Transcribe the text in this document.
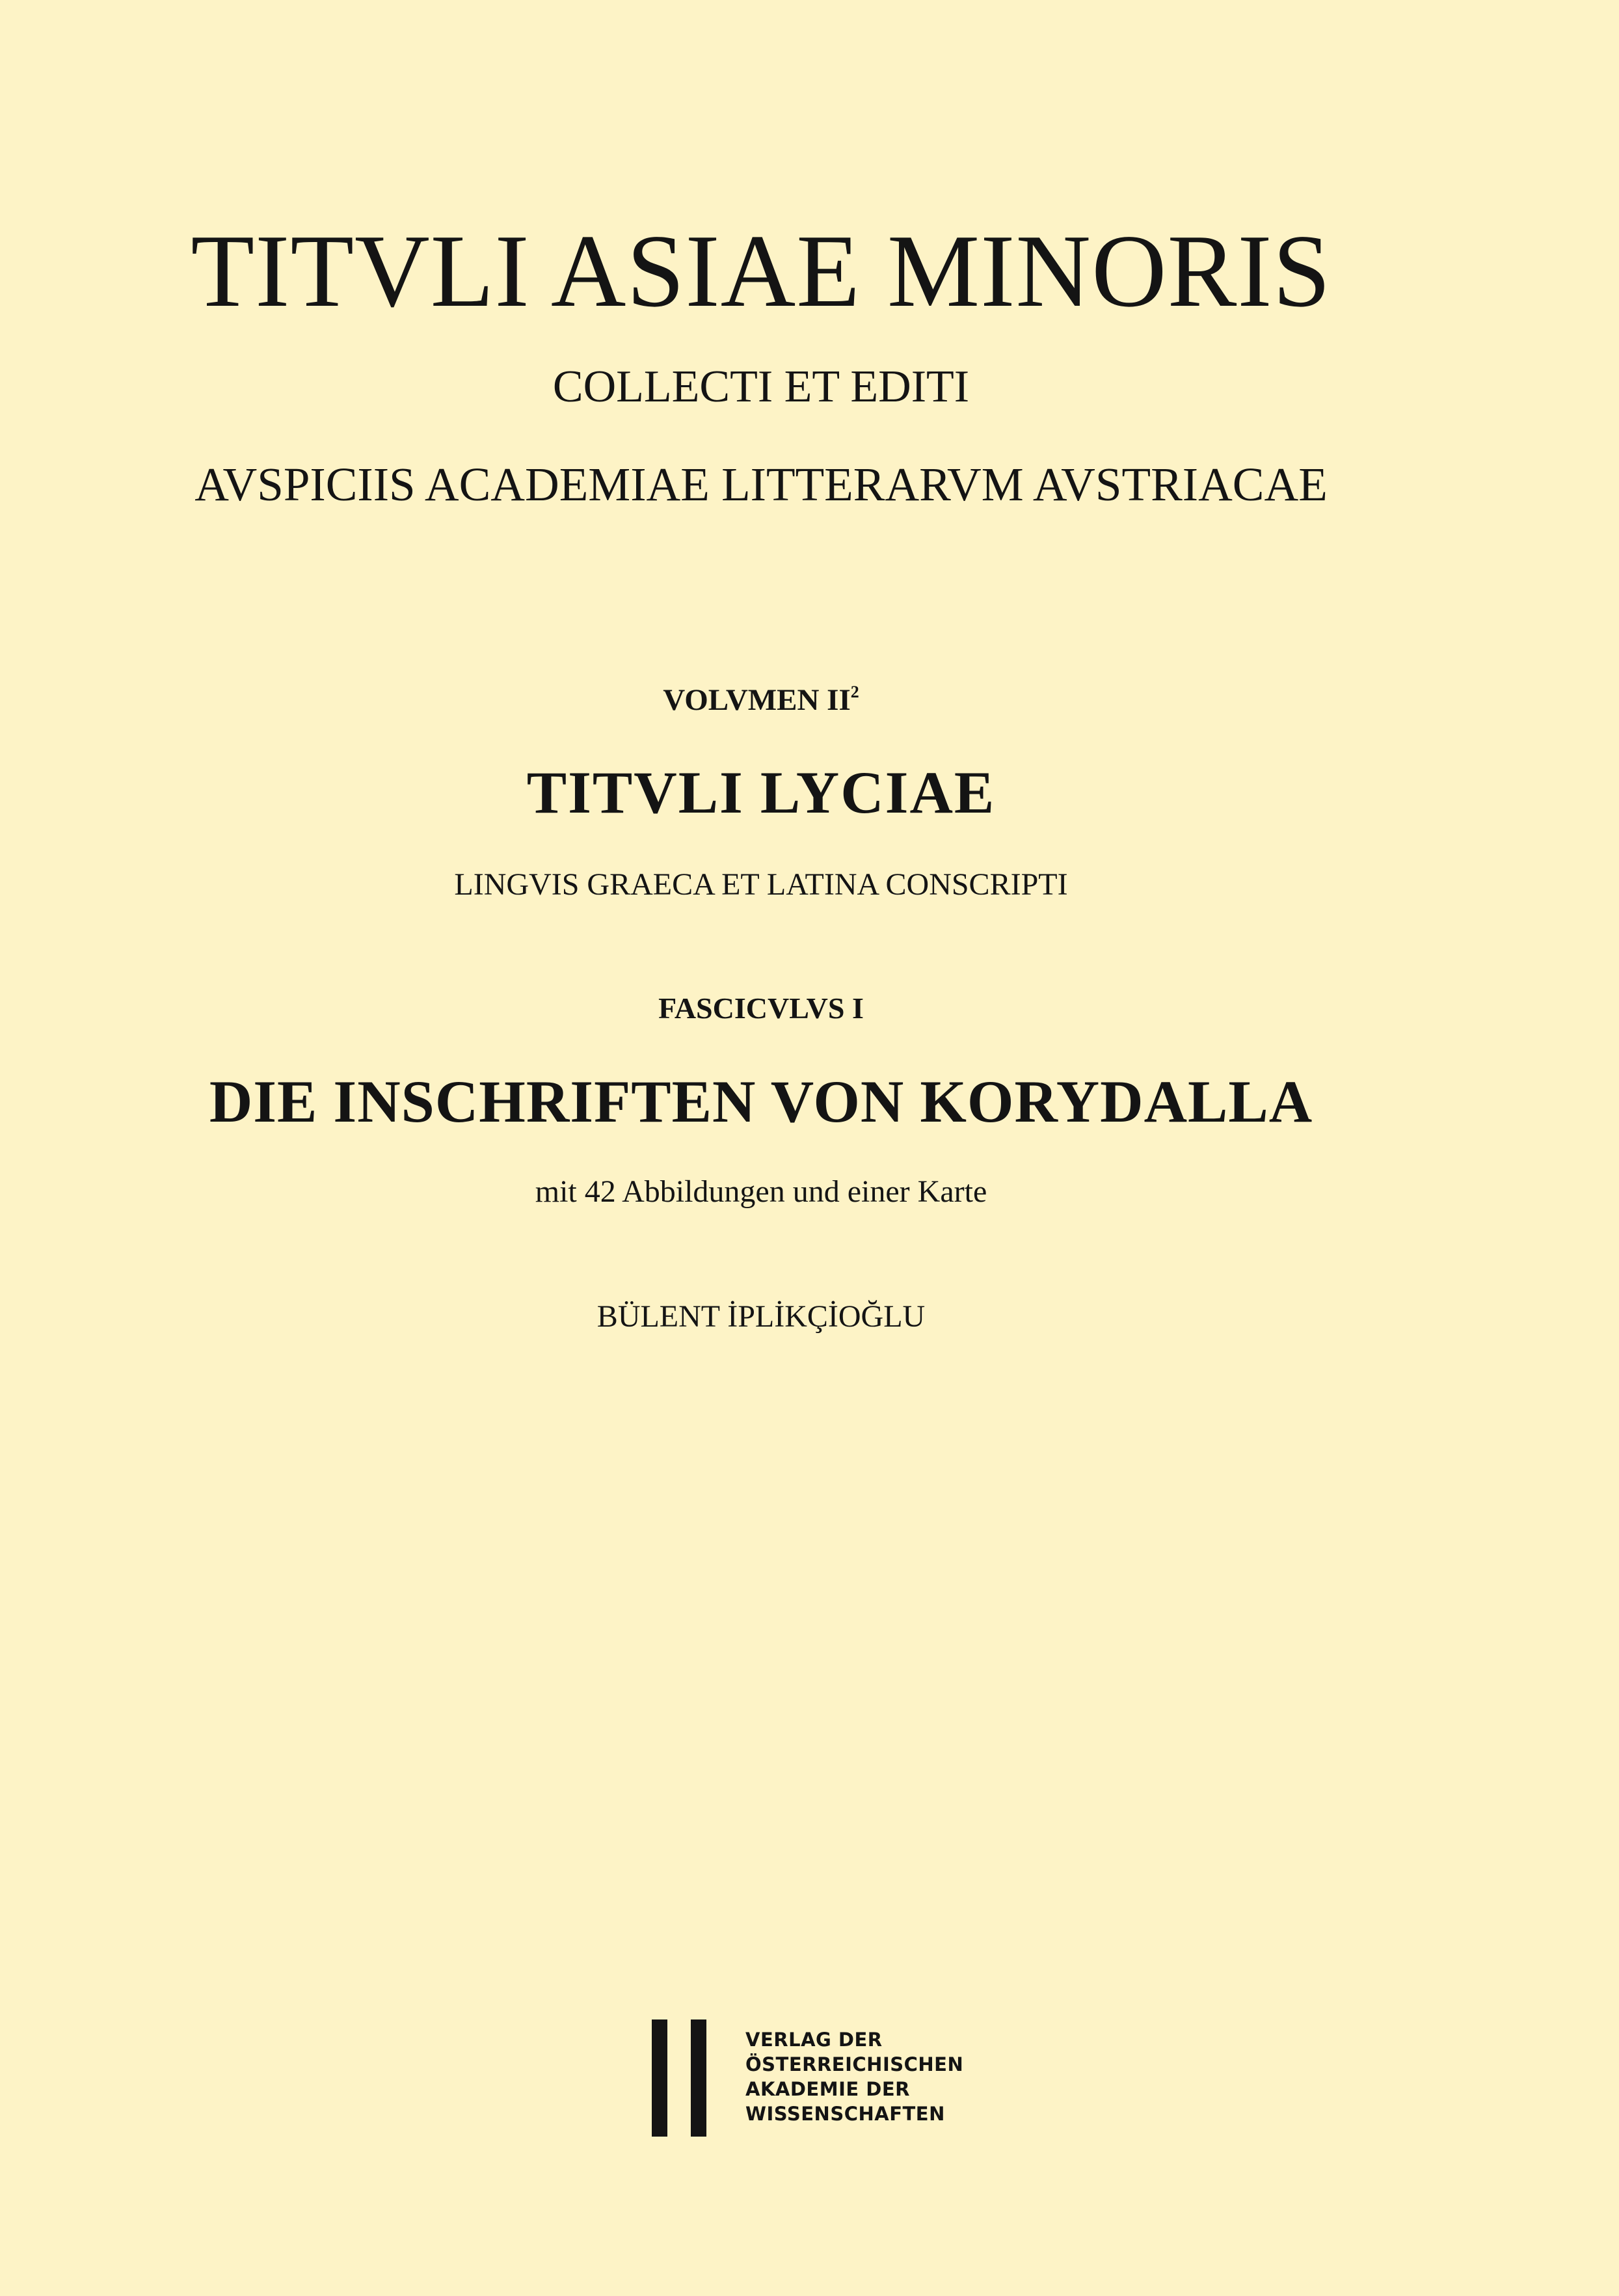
TITVLI ASIAE MINORIS
COLLECTI ET EDITI
AVSPICIIS ACADEMIAE LITTERARVM AVSTRIACAE
VOLVMEN $II^2$
TITVLI LYCIAE
LINGVIS GRAECA ET LATINA CONSCRIPTI
FASCICVLVS I
DIE INSCHRIFTEN VON KORYDALLA
mit 42 Abbildungen und einer Karte
BÜLENT İPLİKÇİOĞLU
VERLAG DER
ÖSTERREICHISCHEN
AKADEMIE DER
WISSENSCHAFTEN
